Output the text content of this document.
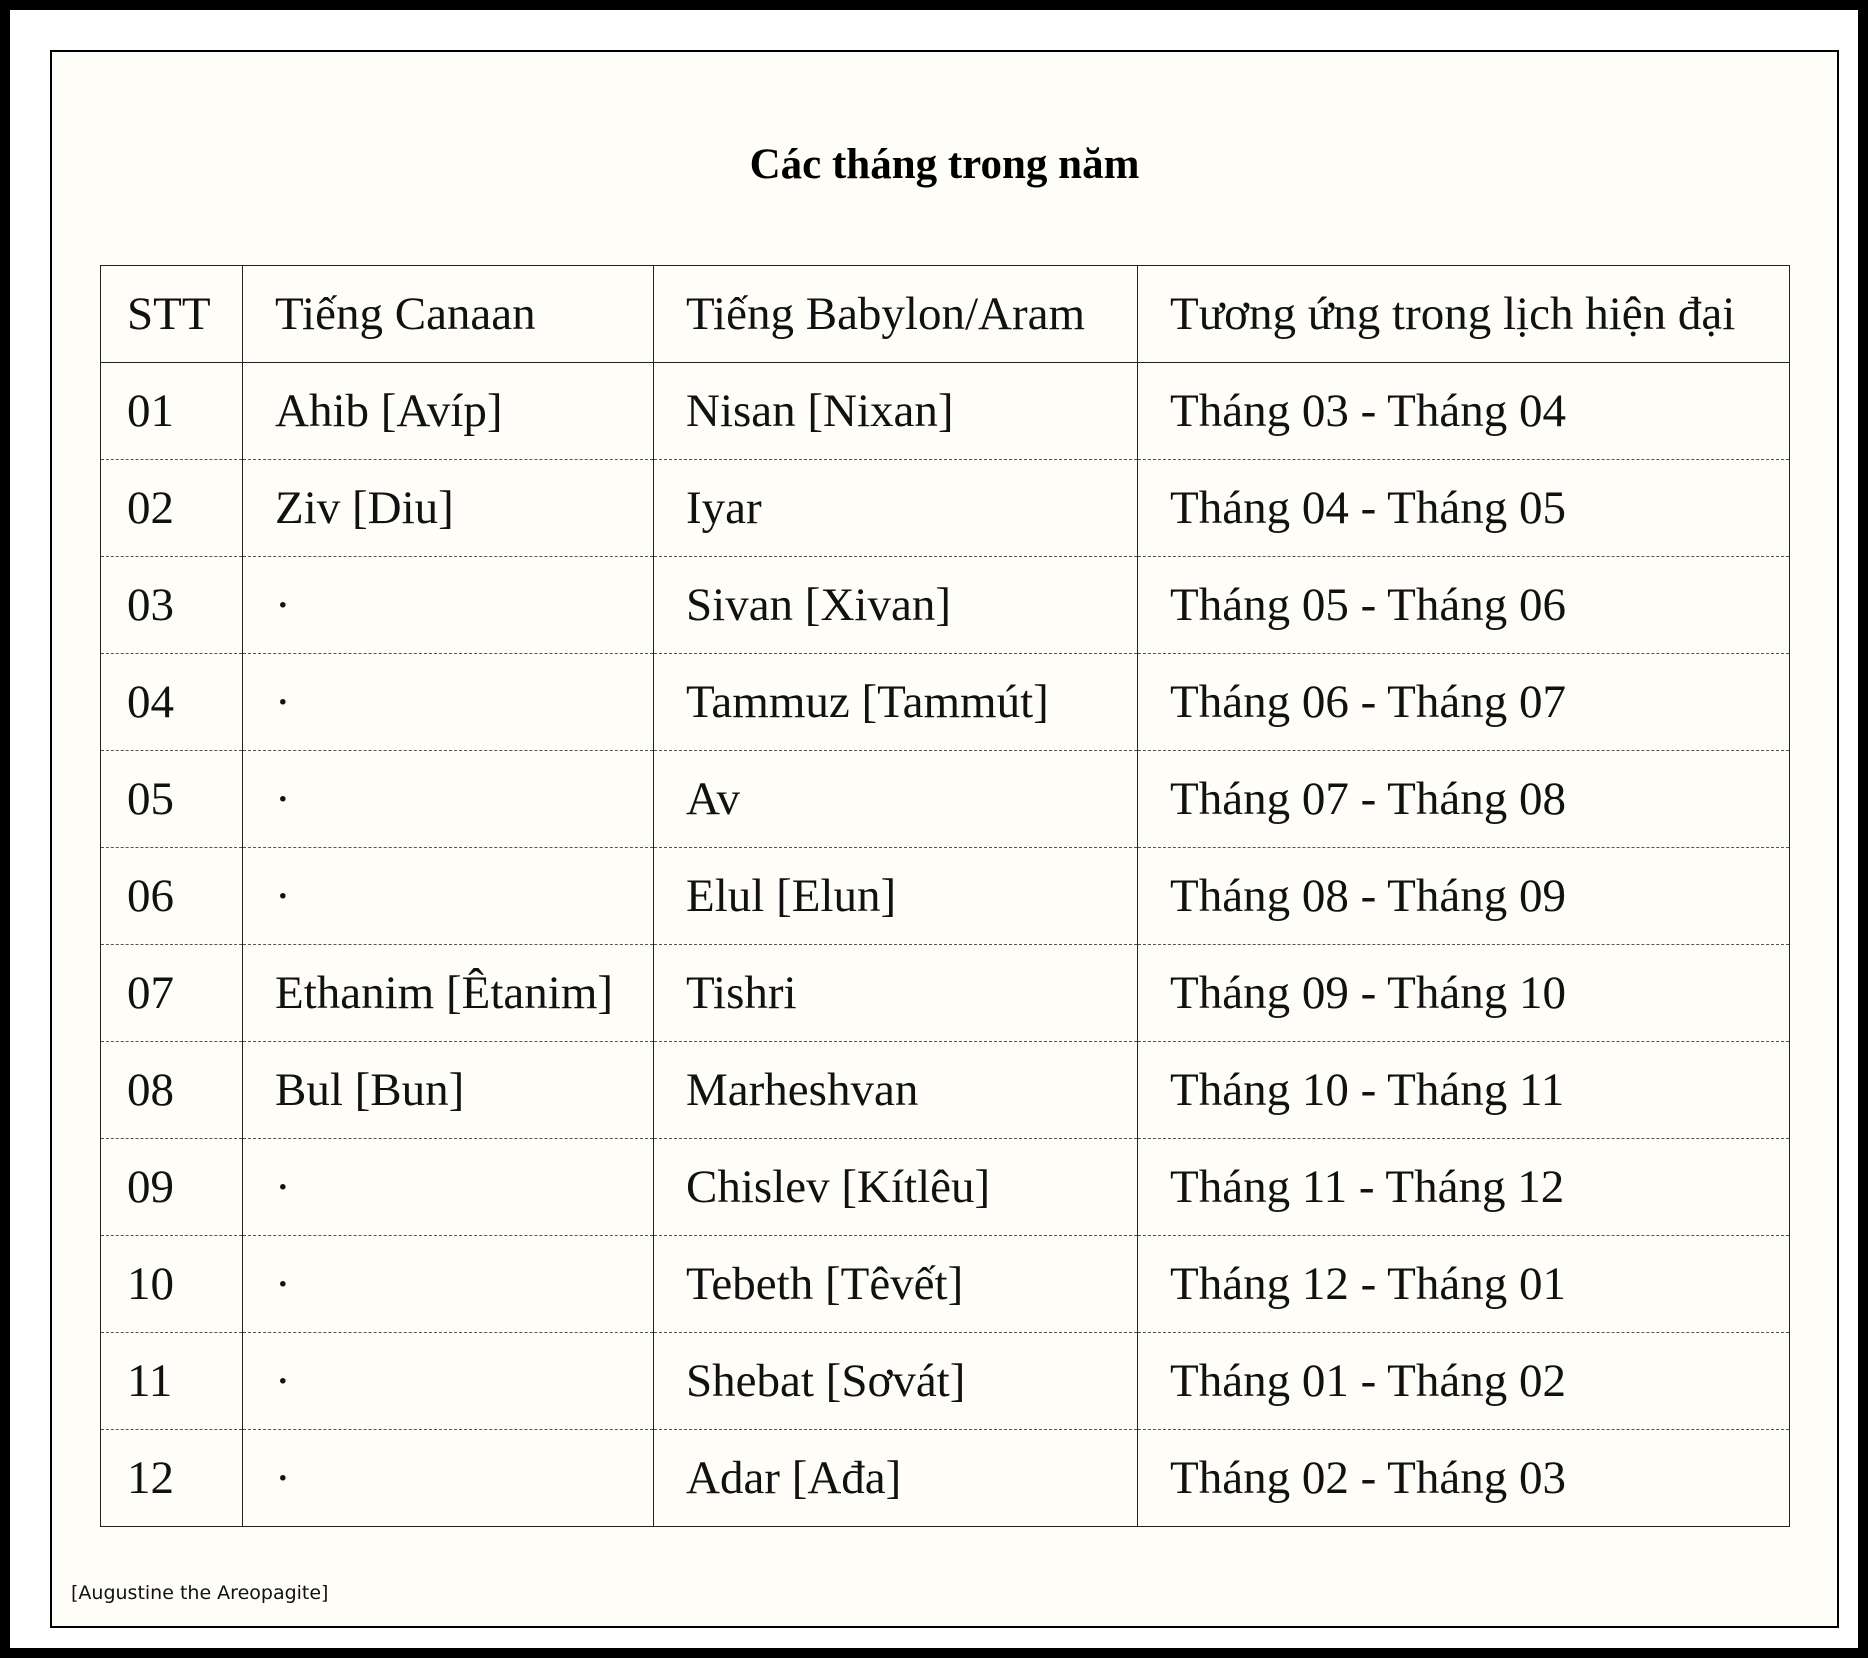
Các tháng trong năm
STT	Tiếng Canaan	Tiếng Babylon/Aram	Tương ứng trong lịch hiện đại
01	Ahib [Avíp]	Nisan [Nixan]	Tháng 03 - Tháng 04
02	Ziv [Diu]	Iyar	Tháng 04 - Tháng 05
03	·	Sivan [Xivan]	Tháng 05 - Tháng 06
04	·	Tammuz [Tammút]	Tháng 06 - Tháng 07
05	·	Av	Tháng 07 - Tháng 08
06	·	Elul [Elun]	Tháng 08 - Tháng 09
07	Ethanim [Êtanim]	Tishri	Tháng 09 - Tháng 10
08	Bul [Bun]	Marheshvan	Tháng 10 - Tháng 11
09	·	Chislev [Kítlêu]	Tháng 11 - Tháng 12
10	·	Tebeth [Têvết]	Tháng 12 - Tháng 01
11	·	Shebat [Sơvát]	Tháng 01 - Tháng 02
12	·	Adar [Ađa]	Tháng 02 - Tháng 03
[Augustine the Areopagite]
